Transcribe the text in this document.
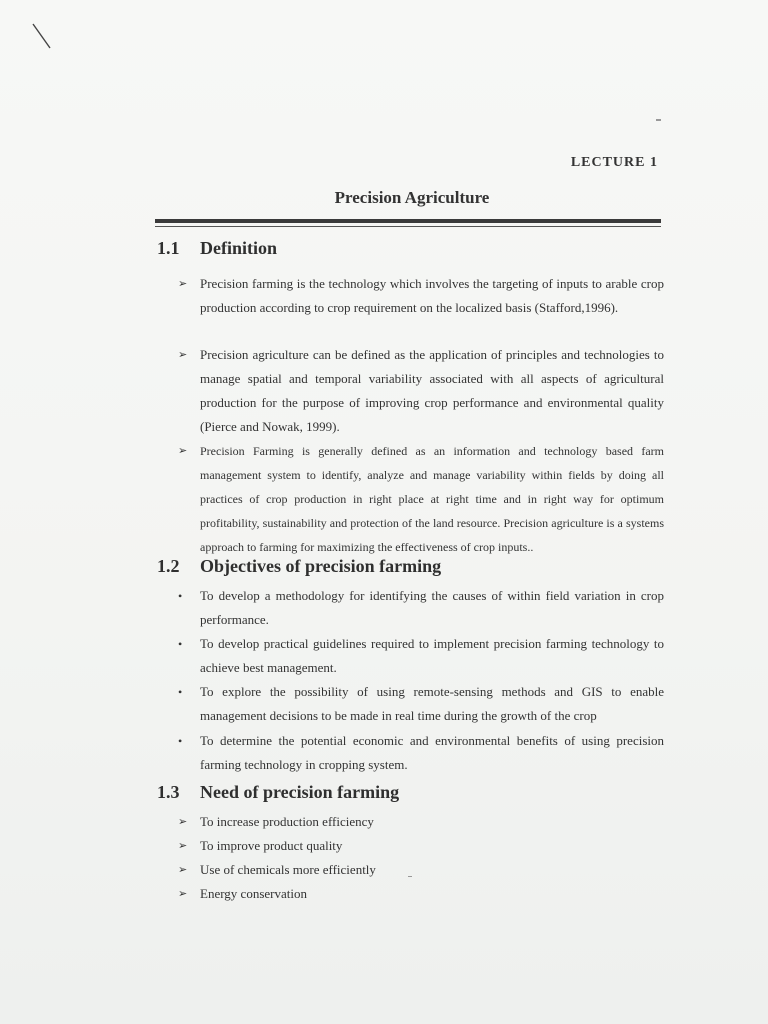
LECTURE 1
Precision Agriculture
1.1 Definition
➢ Precision farming is the technology which involves the targeting of inputs to arable crop production according to crop requirement on the localized basis (Stafford,1996).
➢ Precision agriculture can be defined as the application of principles and technologies to manage spatial and temporal variability associated with all aspects of agricultural production for the purpose of improving crop performance and environmental quality (Pierce and Nowak, 1999).
➢	Precision Farming is generally defined as an information and technology based farm management system to identify, analyze and manage variability within fields by doing all practices of crop production in right place at right time and in right way for optimum profitability, sustainability and protection of the land resource. Precision agriculture is a systems approach to farming for maximizing the effectiveness of crop inputs..
1.2 Objectives of precision farming
•	To develop a methodology for identifying the causes of within field variation in crop performance.
•	To develop practical guidelines required to implement precision farming technology to achieve best management.
•	To explore the possibility of using remote-sensing methods and GIS to enable management decisions to be made in real time during the growth of the crop
•	To determine the potential economic and environmental benefits of using precision farming technology in cropping system.
1.3 Need of precision farming
➢ To increase production efficiency
➢ To improve product quality
➢ Use of chemicals more efficiently
➢ Energy conservation
